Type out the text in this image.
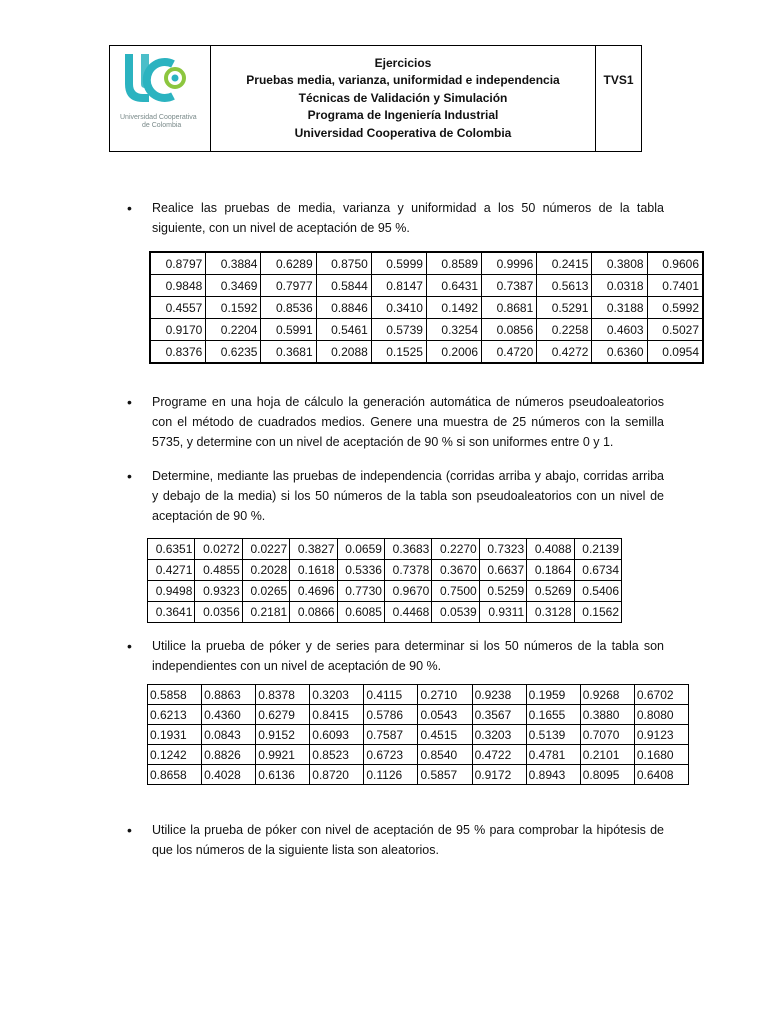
Universidad Cooperativa
de Colombia
Ejercicios
Pruebas media, varianza, uniformidad e independencia
Técnicas de Validación y Simulación
Programa de Ingeniería Industrial
Universidad Cooperativa de Colombia
TVS1
• Realice las pruebas de media, varianza y uniformidad a los 50 números de la tabla siguiente, con un nivel de aceptación de 95 %.
0.8797	0.3884	0.6289	0.8750	0.5999	0.8589	0.9996	0.2415	0.3808	0.9606
0.9848	0.3469	0.7977	0.5844	0.8147	0.6431	0.7387	0.5613	0.0318	0.7401
0.4557	0.1592	0.8536	0.8846	0.3410	0.1492	0.8681	0.5291	0.3188	0.5992
0.9170	0.2204	0.5991	0.5461	0.5739	0.3254	0.0856	0.2258	0.4603	0.5027
0.8376	0.6235	0.3681	0.2088	0.1525	0.2006	0.4720	0.4272	0.6360	0.0954
• Programe en una hoja de cálculo la generación automática de números pseudoaleatorios con el método de cuadrados medios. Genere una muestra de 25 números con la semilla 5735, y determine con un nivel de aceptación de 90 % si son uniformes entre 0 y 1.
• Determine, mediante las pruebas de independencia (corridas arriba y abajo, corridas arriba y debajo de la media) si los 50 números de la tabla son pseudoaleatorios con un nivel de aceptación de 90 %.
0.6351	0.0272	0.0227	0.3827	0.0659	0.3683	0.2270	0.7323	0.4088	0.2139
0.4271	0.4855	0.2028	0.1618	0.5336	0.7378	0.3670	0.6637	0.1864	0.6734
0.9498	0.9323	0.0265	0.4696	0.7730	0.9670	0.7500	0.5259	0.5269	0.5406
0.3641	0.0356	0.2181	0.0866	0.6085	0.4468	0.0539	0.9311	0.3128	0.1562
• Utilice la prueba de póker y de series para determinar si los 50 números de la tabla son independientes con un nivel de aceptación de 90 %.
0.5858	0.8863	0.8378	0.3203	0.4115	0.2710	0.9238	0.1959	0.9268	0.6702
0.6213	0.4360	0.6279	0.8415	0.5786	0.0543	0.3567	0.1655	0.3880	0.8080
0.1931	0.0843	0.9152	0.6093	0.7587	0.4515	0.3203	0.5139	0.7070	0.9123
0.1242	0.8826	0.9921	0.8523	0.6723	0.8540	0.4722	0.4781	0.2101	0.1680
0.8658	0.4028	0.6136	0.8720	0.1126	0.5857	0.9172	0.8943	0.8095	0.6408
• Utilice la prueba de póker con nivel de aceptación de 95 % para comprobar la hipótesis de que los números de la siguiente lista son aleatorios.
